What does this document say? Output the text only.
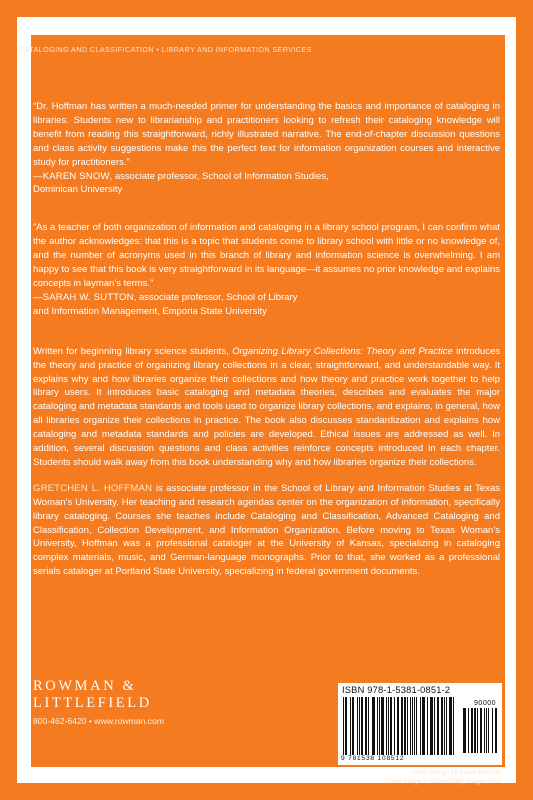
CATALOGING AND CLASSIFICATION • LIBRARY AND INFORMATION SERVICES

“Dr. Hoffman has written a much-needed primer for understanding the basics and importance of cataloging in libraries. Students new to librarianship and practitioners looking to refresh their cataloging knowledge will benefit from reading this straightforward, richly illustrated narrative. The end-of-chapter discussion questions and class activity suggestions make this the perfect text for information organization courses and interactive study for practitioners.”

—KAREN SNOW, associate professor, School of Information Studies,
Dominican University

“As a teacher of both organization of information and cataloging in a library school program, I can confirm what the author acknowledges: that this is a topic that students come to library school with little or no knowledge of, and the number of acronyms used in this branch of library and information science is overwhelming. I am happy to see that this book is very straightforward in its language—it assumes no prior knowledge and explains concepts in layman’s terms.”

—SARAH W. SUTTON, associate professor, School of Library
and Information Management, Emporia State University

Written for beginning library science students, Organizing Library Collections: Theory and Practice introduces the theory and practice of organizing library collections in a clear, straightforward, and understandable way. It explains why and how libraries organize their collections and how theory and practice work together to help library users. It introduces basic cataloging and metadata theories, describes and evaluates the major cataloging and metadata standards and tools used to organize library collections, and explains, in general, how all libraries organize their collections in practice. The book also discusses standardization and explains how cataloging and metadata standards and policies are developed. Ethical issues are addressed as well. In addition, several discussion questions and class activities reinforce concepts introduced in each chapter. Students should walk away from this book understanding why and how libraries organize their collections.

GRETCHEN L. HOFFMAN is associate professor in the School of Library and Information Studies at Texas Woman’s University. Her teaching and research agendas center on the organization of information, specifically library cataloging. Courses she teaches include Cataloging and Classification, Advanced Cataloging and Classification, Collection Development, and Information Organization. Before moving to Texas Woman’s University, Hoffman was a professional cataloger at the University of Kansas, specializing in cataloging complex materials, music, and German-language monographs. Prior to that, she worked as a professional serials cataloger at Portland State University, specializing in federal government documents.

ROWMAN &
LITTLEFIELD
800-462-6420 • www.rowman.com
ISBN 978-1-5381-0851-2
90000
9 781538 108512
Cover design by Sarah Marizan
Cover image © iStock/Getty Images Plus
